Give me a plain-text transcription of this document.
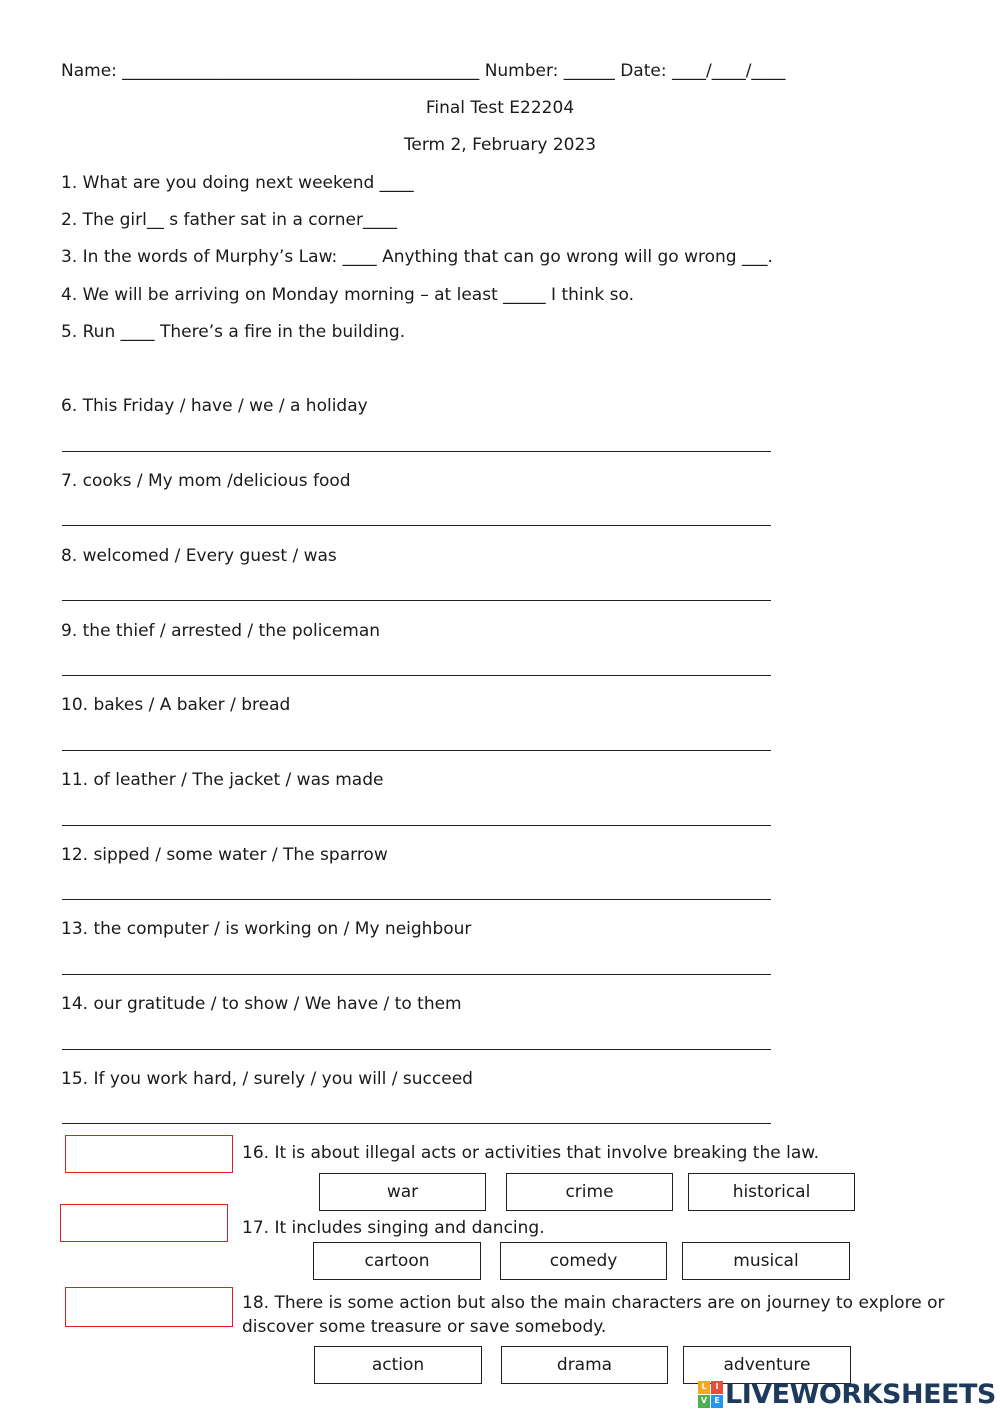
Name: __________________________________________ Number: ______ Date: ____/____/____
Final Test E22204
Term 2, February 2023
1. What are you doing next weekend ____
2. The girl__ s father sat in a corner____
3. In the words of Murphy’s Law: ____ Anything that can go wrong will go wrong ___.
4. We will be arriving on Monday morning – at least _____ I think so.
5. Run ____ There’s a fire in the building.
6. This Friday / have / we / a holiday
7. cooks / My mom /delicious food
8. welcomed / Every guest / was
9. the thief / arrested / the policeman
10. bakes / A baker / bread
11. of leather / The jacket / was made
12. sipped / some water / The sparrow
13. the computer / is working on / My neighbour
14. our gratitude / to show / We have / to them
15. If you work hard, / surely / you will / succeed
16. It is about illegal acts or activities that involve breaking the law.
war	crime	historical
17. It includes singing and dancing.
cartoon	comedy	musical
18. There is some action but also the main characters are on journey to explore or
discover some treasure or save somebody.
action	drama	adventure
L	I
V E LIVEWORKSHEETS
